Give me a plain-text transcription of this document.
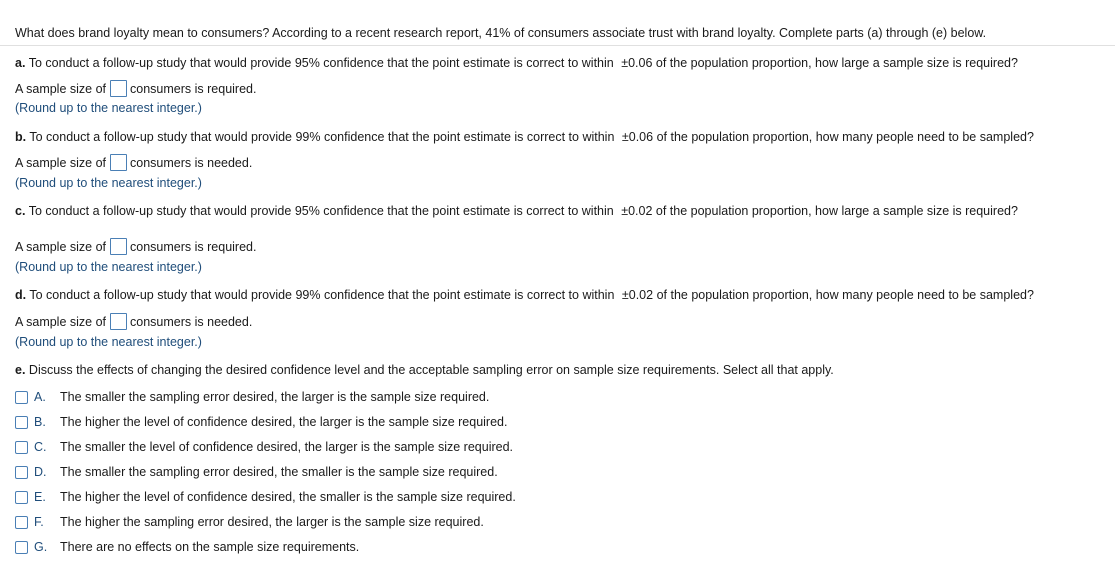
What does brand loyalty mean to consumers? According to a recent research report, 41% of consumers associate trust with brand loyalty. Complete parts (a) through (e) below.
a. To conduct a follow-up study that would provide 95% confidence that the point estimate is correct to within ±0.06 of the population proportion, how large a sample size is required?
A sample size of consumers is required.
(Round up to the nearest integer.)
b. To conduct a follow-up study that would provide 99% confidence that the point estimate is correct to within ±0.06 of the population proportion, how many people need to be sampled?
A sample size of consumers is needed.
(Round up to the nearest integer.)
c. To conduct a follow-up study that would provide 95% confidence that the point estimate is correct to within ±0.02 of the population proportion, how large a sample size is required?
A sample size of consumers is required.
(Round up to the nearest integer.)
d. To conduct a follow-up study that would provide 99% confidence that the point estimate is correct to within ±0.02 of the population proportion, how many people need to be sampled?
A sample size of consumers is needed.
(Round up to the nearest integer.)
e. Discuss the effects of changing the desired confidence level and the acceptable sampling error on sample size requirements. Select all that apply.
A.	The smaller the sampling error desired, the larger is the sample size required.
B.	The higher the level of confidence desired, the larger is the sample size required.
C.	The smaller the level of confidence desired, the larger is the sample size required.
D.	The smaller the sampling error desired, the smaller is the sample size required.
E.	The higher the level of confidence desired, the smaller is the sample size required.
F.	The higher the sampling error desired, the larger is the sample size required.
G.	There are no effects on the sample size requirements.
